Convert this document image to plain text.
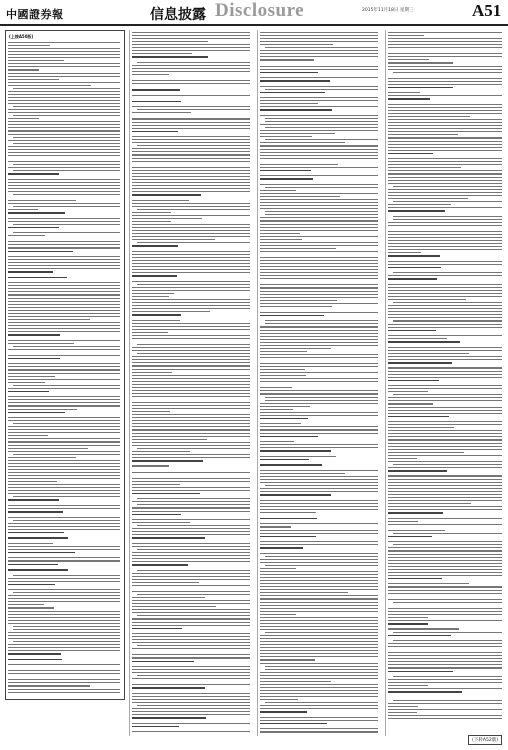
中國證券報	信息披露 Disclosure	2015年11月18日 星期三	A51
(上接A50版)
(下转A52版)
